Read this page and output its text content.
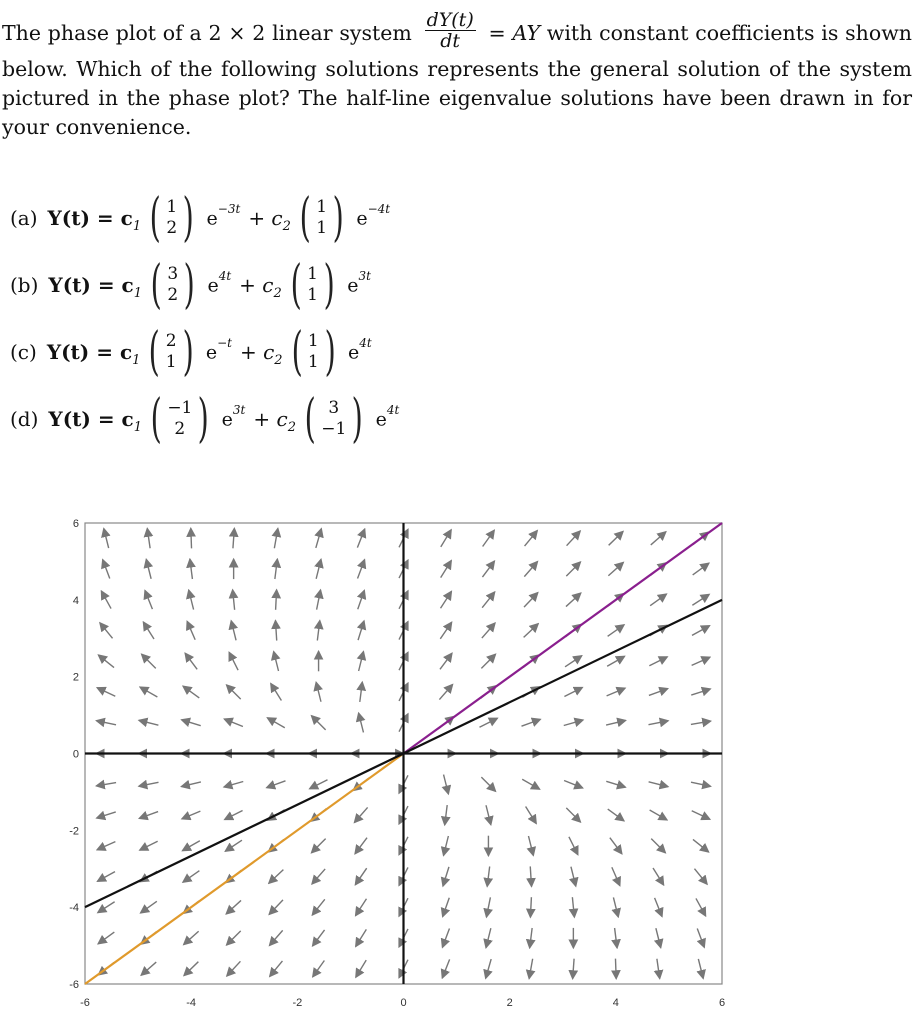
The phase plot of a 2 × 2 linear system $\frac{dY(t)}{dt}$ = AY with constant coefficients is shown below. Which of the following solutions represents the general solution of the system pictured in the phase plot? The half-line eigenvalue solutions have been drawn in for your convenience.
(a) $Y(t) = c_1$ ( 1
2 ) $e^{-3t} + c_2$ ( 1
1 ) $e^{-4t}$
(b) $Y(t) = c_1$ ( 3
2 ) $e^{4t} + c_2$ ( 1
1 ) $e^{3t}$
(c) $Y(t) = c_1$ ( 2
1 ) $e^{-t} + c_2$ ( 1
1 ) $e^{4t}$
(d) $Y(t) = c_1$ ( −1
2 ) $e^{3t} + c_2$ ( 3
−1 ) $e^{4t}$
-6	-4	-2	0	2	4	6
-6
-4
-2
0
2
4
6
